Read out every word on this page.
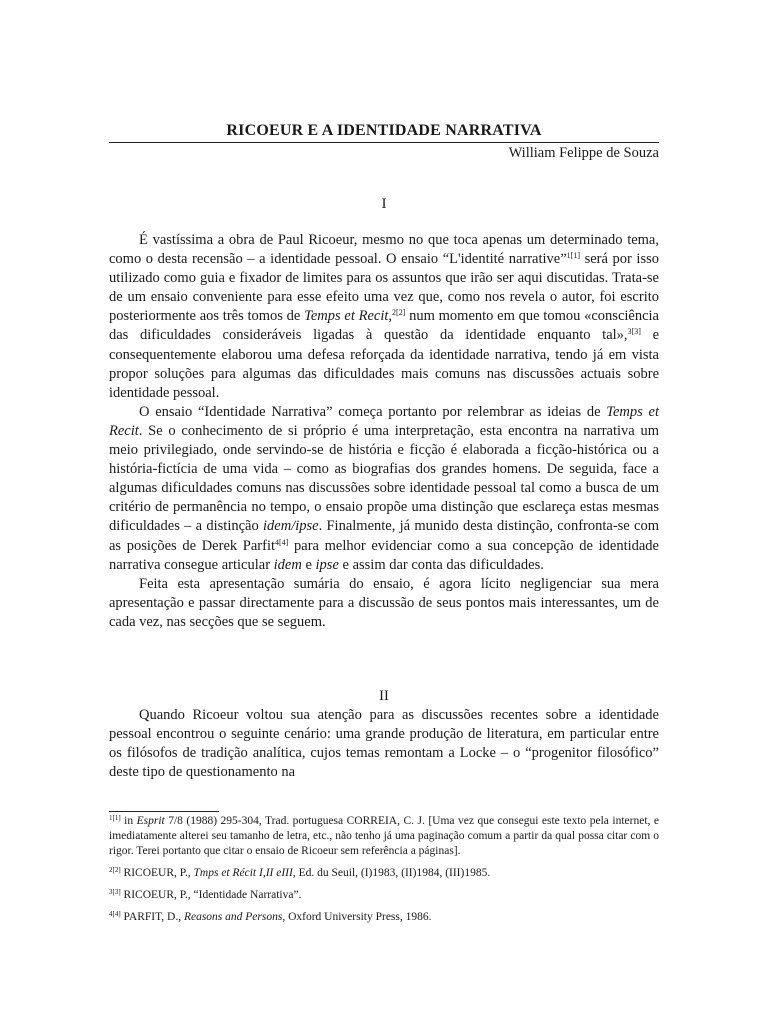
RICOEUR E A IDENTIDADE NARRATIVA
William Felippe de Souza
I

É vastíssima a obra de Paul Ricoeur, mesmo no que toca apenas um determinado tema, como o desta recensão – a identidade pessoal. O ensaio “L'identité narrative”$^{1[1]}$ será por isso utilizado como guia e fixador de limites para os assuntos que irão ser aqui discutidas. Trata-se de um ensaio conveniente para esse efeito uma vez que, como nos revela o autor, foi escrito posteriormente aos três tomos de Temps et Recit,$^{2[2]}$ num momento em que tomou «consciência das dificuldades consideráveis ligadas à questão da identidade enquanto tal»,$^{3[3]}$ e consequentemente elaborou uma defesa reforçada da identidade narrativa, tendo já em vista propor soluções para algumas das dificuldades mais comuns nas discussões actuais sobre identidade pessoal.

O ensaio “Identidade Narrativa” começa portanto por relembrar as ideias de Temps et Recit. Se o conhecimento de si próprio é uma interpretação, esta encontra na narrativa um meio privilegiado, onde servindo-se de história e ficção é elaborada a ficção-histórica ou a história-fictícia de uma vida – como as biografias dos grandes homens. De seguida, face a algumas dificuldades comuns nas discussões sobre identidade pessoal tal como a busca de um critério de permanência no tempo, o ensaio propõe uma distinção que esclareça estas mesmas dificuldades – a distinção idem/ipse. Finalmente, já munido desta distinção, confronta-se com as posições de Derek Parfit$^{4[4]}$ para melhor evidenciar como a sua concepção de identidade narrativa consegue articular idem e ipse e assim dar conta das dificuldades.

Feita esta apresentação sumária do ensaio, é agora lícito negligenciar sua mera apresentação e passar directamente para a discussão de seus pontos mais interessantes, um de cada vez, nas secções que se seguem.

II

Quando Ricoeur voltou sua atenção para as discussões recentes sobre a identidade pessoal encontrou o seguinte cenário: uma grande produção de literatura, em particular entre os filósofos de tradição analítica, cujos temas remontam a Locke – o “progenitor filosófico” deste tipo de questionamento na

$^{1[1]}$ in Esprit 7/8 (1988) 295-304, Trad. portuguesa CORREIA, C. J. [Uma vez que consegui este texto pela internet, e imediatamente alterei seu tamanho de letra, etc., não tenho já uma paginação comum a partir da qual possa citar com o rigor. Terei portanto que citar o ensaio de Ricoeur sem referência a páginas].

$^{2[2]}$ RICOEUR, P., Tmps et Récit I,II eIII, Ed. du Seuil, (I)1983, (II)1984, (III)1985.

$^{3[3]}$ RICOEUR, P., “Identidade Narrativa”.

$^{4[4]}$ PARFIT, D., Reasons and Persons, Oxford University Press, 1986.
